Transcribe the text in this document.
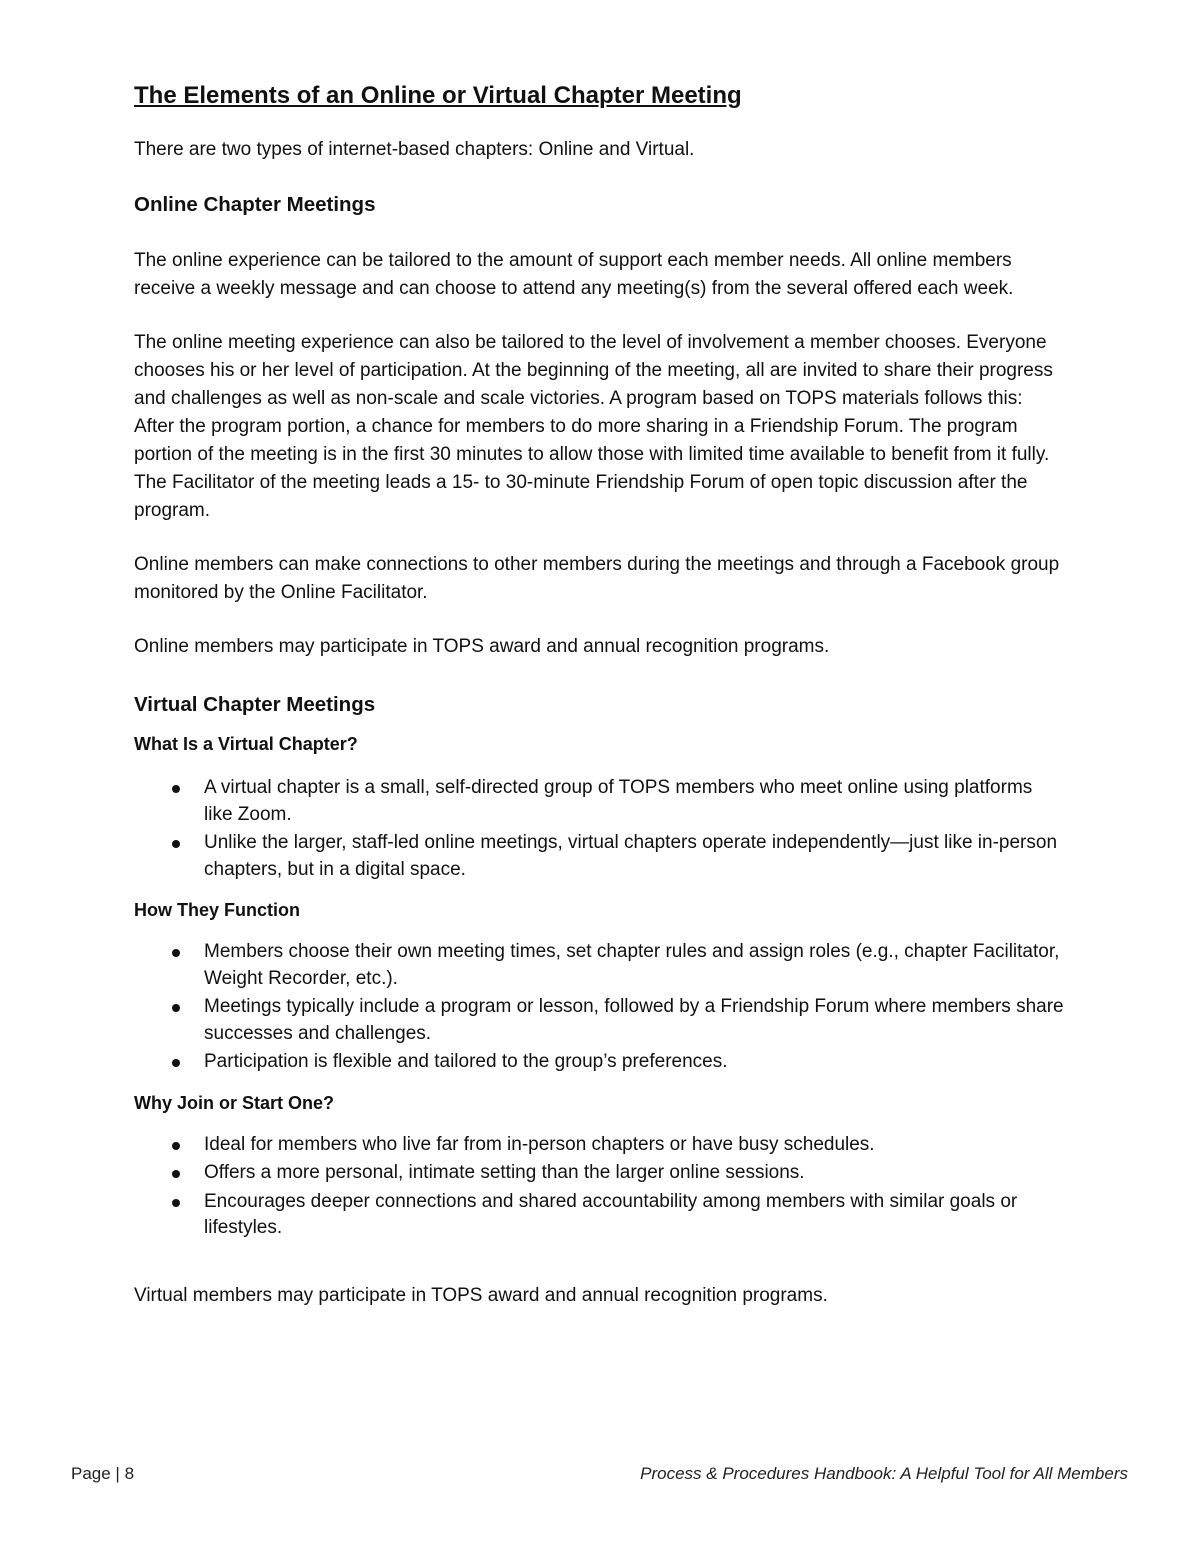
The Elements of an Online or Virtual Chapter Meeting

There are two types of internet-based chapters: Online and Virtual.

Online Chapter Meetings

The online experience can be tailored to the amount of support each member needs. All online members receive a weekly message and can choose to attend any meeting(s) from the several offered each week.

The online meeting experience can also be tailored to the level of involvement a member chooses. Everyone chooses his or her level of participation. At the beginning of the meeting, all are invited to share their progress and challenges as well as non-scale and scale victories. A program based on TOPS materials follows this: After the program portion, a chance for members to do more sharing in a Friendship Forum. The program portion of the meeting is in the first 30 minutes to allow those with limited time available to benefit from it fully. The Facilitator of the meeting leads a 15- to 30-minute Friendship Forum of open topic discussion after the program.

Online members can make connections to other members during the meetings and through a Facebook group monitored by the Online Facilitator.

Online members may participate in TOPS award and annual recognition programs.

Virtual Chapter Meetings
What Is a Virtual Chapter?
A virtual chapter is a small, self-directed group of TOPS members who meet online using platforms like Zoom.
Unlike the larger, staff-led online meetings, virtual chapters operate independently—just like in-person chapters, but in a digital space.
How They Function
Members choose their own meeting times, set chapter rules and assign roles (e.g., chapter Facilitator, Weight Recorder, etc.).
Meetings typically include a program or lesson, followed by a Friendship Forum where members share successes and challenges.
Participation is flexible and tailored to the group’s preferences.
Why Join or Start One?
Ideal for members who live far from in-person chapters or have busy schedules.
Offers a more personal, intimate setting than the larger online sessions.
Encourages deeper connections and shared accountability among members with similar goals or lifestyles.

Virtual members may participate in TOPS award and annual recognition programs.

Page | 8	Process & Procedures Handbook: A Helpful Tool for All Members
